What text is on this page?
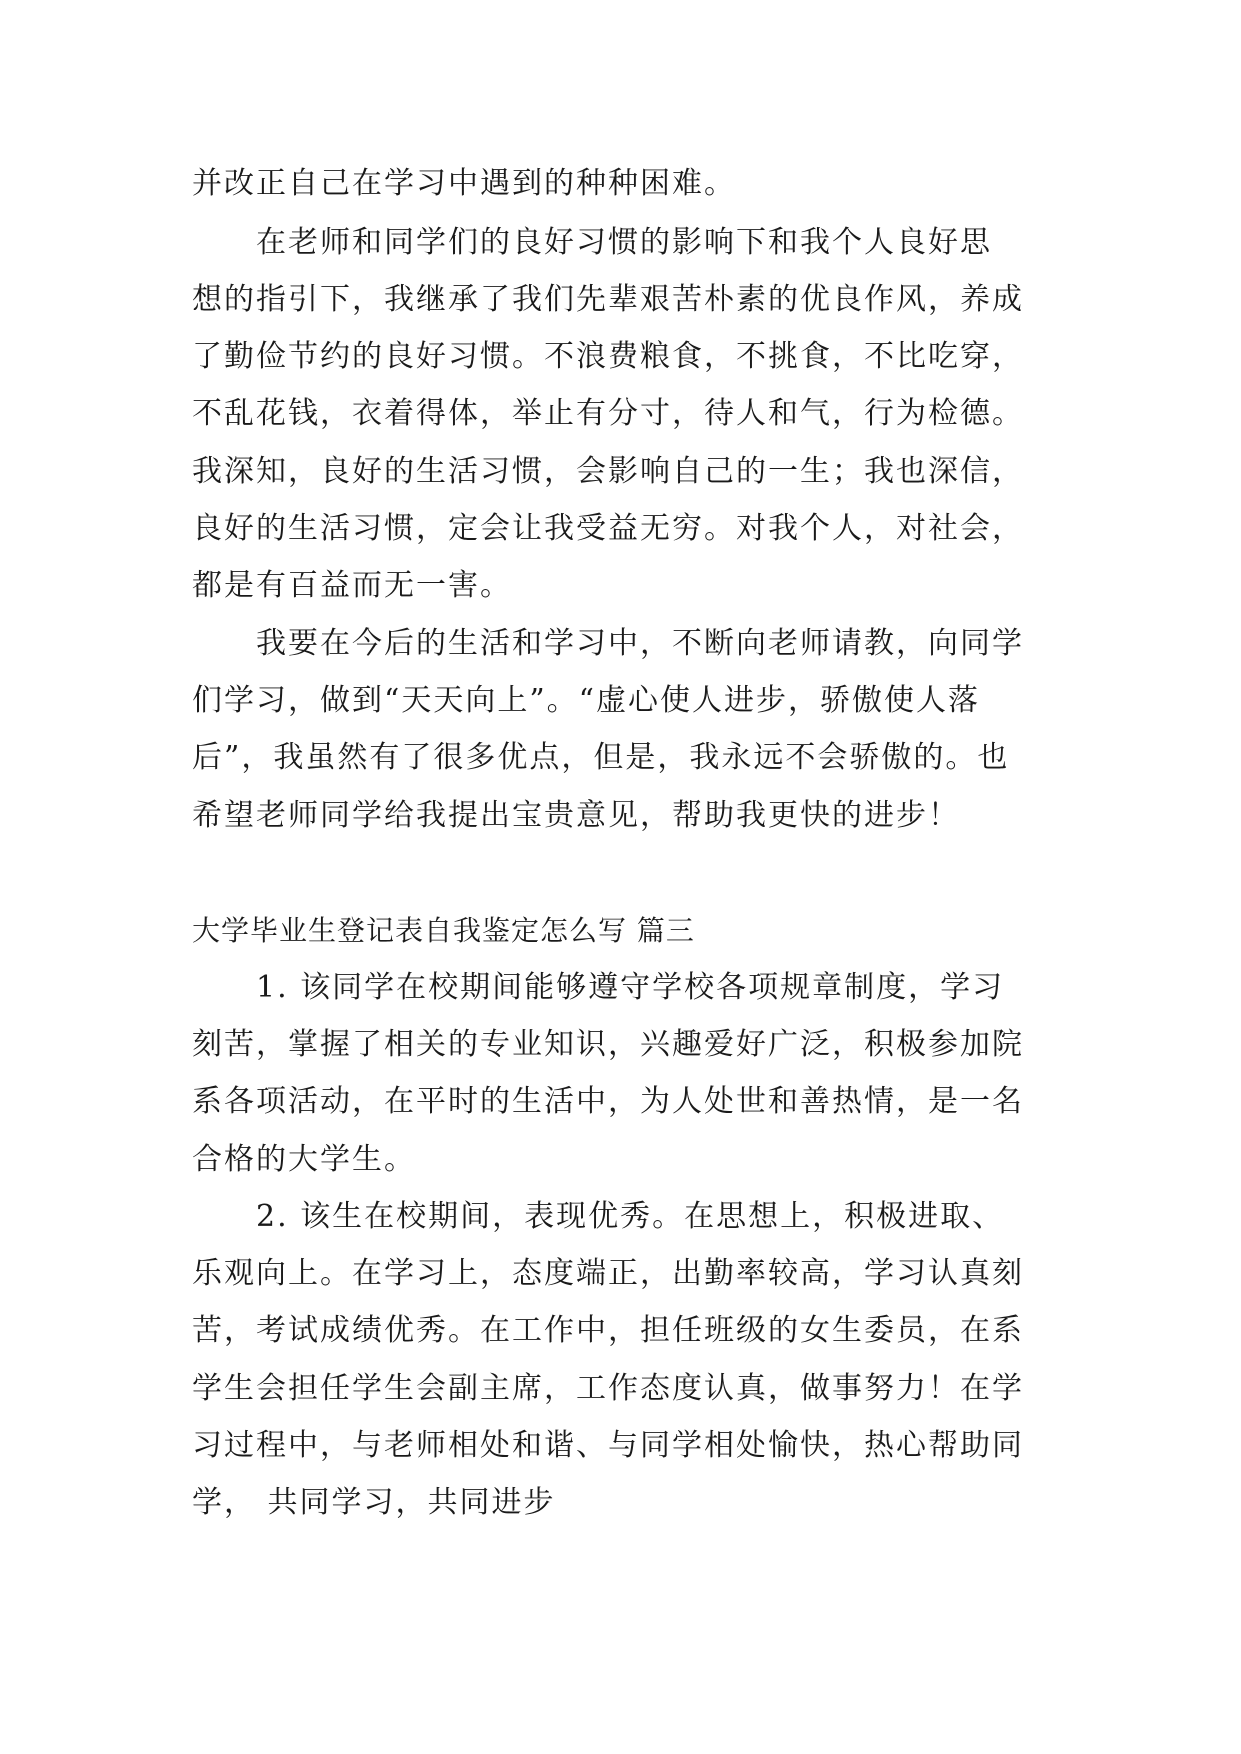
并改正自己在学习中遇到的种种困难。
在老师和同学们的良好习惯的影响下和我个人良好思
想的指引下，我继承了我们先辈艰苦朴素的优良作风，养成
了勤俭节约的良好习惯。不浪费粮食，不挑食，不比吃穿，
不乱花钱，衣着得体，举止有分寸，待人和气，行为检德。
我深知，良好的生活习惯，会影响自己的一生；我也深信，
良好的生活习惯，定会让我受益无穷。对我个人，对社会，
都是有百益而无一害。
我要在今后的生活和学习中，不断向老师请教，向同学
们学习，做到“天天向上”。“虚心使人进步，骄傲使人落
后”，我虽然有了很多优点，但是，我永远不会骄傲的。也
希望老师同学给我提出宝贵意见，帮助我更快的进步！
大学毕业生登记表自我鉴定怎么写 篇三
1. 该同学在校期间能够遵守学校各项规章制度，学习
刻苦，掌握了相关的专业知识，兴趣爱好广泛，积极参加院
系各项活动，在平时的生活中，为人处世和善热情，是一名
合格的大学生。
2. 该生在校期间，表现优秀。在思想上，积极进取、
乐观向上。在学习上，态度端正，出勤率较高，学习认真刻
苦，考试成绩优秀。在工作中，担任班级的女生委员，在系
学生会担任学生会副主席，工作态度认真，做事努力！在学
习过程中，与老师相处和谐、与同学相处愉快，热心帮助同
学， 共同学习，共同进步
